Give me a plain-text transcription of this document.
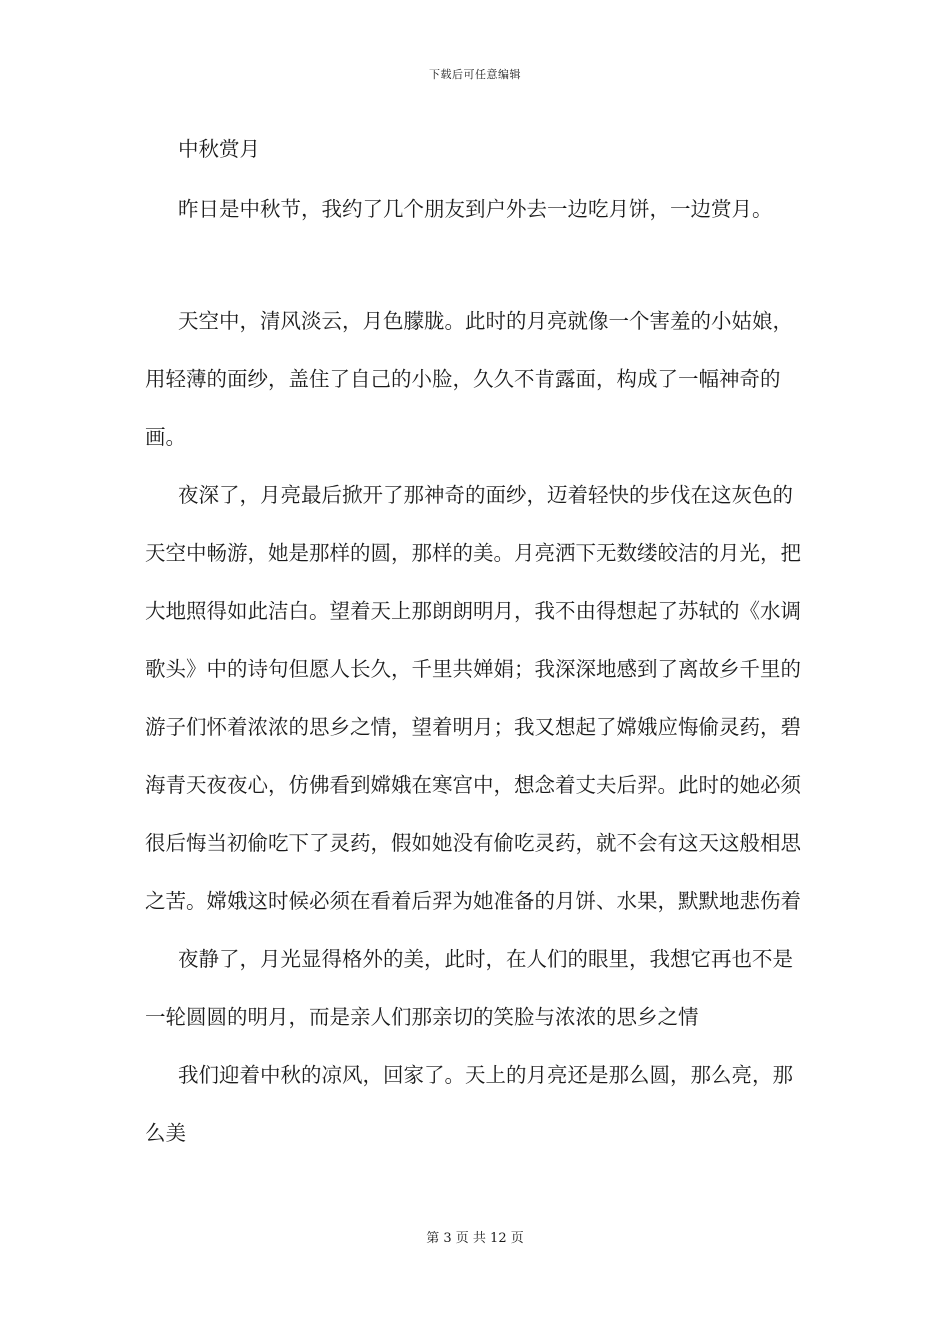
下载后可任意编辑

中秋赏月

昨日是中秋节，我约了几个朋友到户外去一边吃月饼，一边赏月。

天空中，清风淡云，月色朦胧。此时的月亮就像一个害羞的小姑娘，用轻薄的面纱，盖住了自己的小脸，久久不肯露面，构成了一幅神奇的画。

夜深了，月亮最后掀开了那神奇的面纱，迈着轻快的步伐在这灰色的天空中畅游，她是那样的圆，那样的美。月亮洒下无数缕皎洁的月光，把大地照得如此洁白。望着天上那朗朗明月，我不由得想起了苏轼的《水调歌头》中的诗句但愿人长久，千里共婵娟；我深深地感到了离故乡千里的游子们怀着浓浓的思乡之情，望着明月；我又想起了嫦娥应悔偷灵药，碧海青天夜夜心，仿佛看到嫦娥在寒宫中，想念着丈夫后羿。此时的她必须很后悔当初偷吃下了灵药，假如她没有偷吃灵药，就不会有这天这般相思之苦。嫦娥这时候必须在看着后羿为她准备的月饼、水果，默默地悲伤着

夜静了，月光显得格外的美，此时，在人们的眼里，我想它再也不是一轮圆圆的明月，而是亲人们那亲切的笑脸与浓浓的思乡之情

我们迎着中秋的凉风，回家了。天上的月亮还是那么圆，那么亮，那么美

第 3 页 共 12 页
